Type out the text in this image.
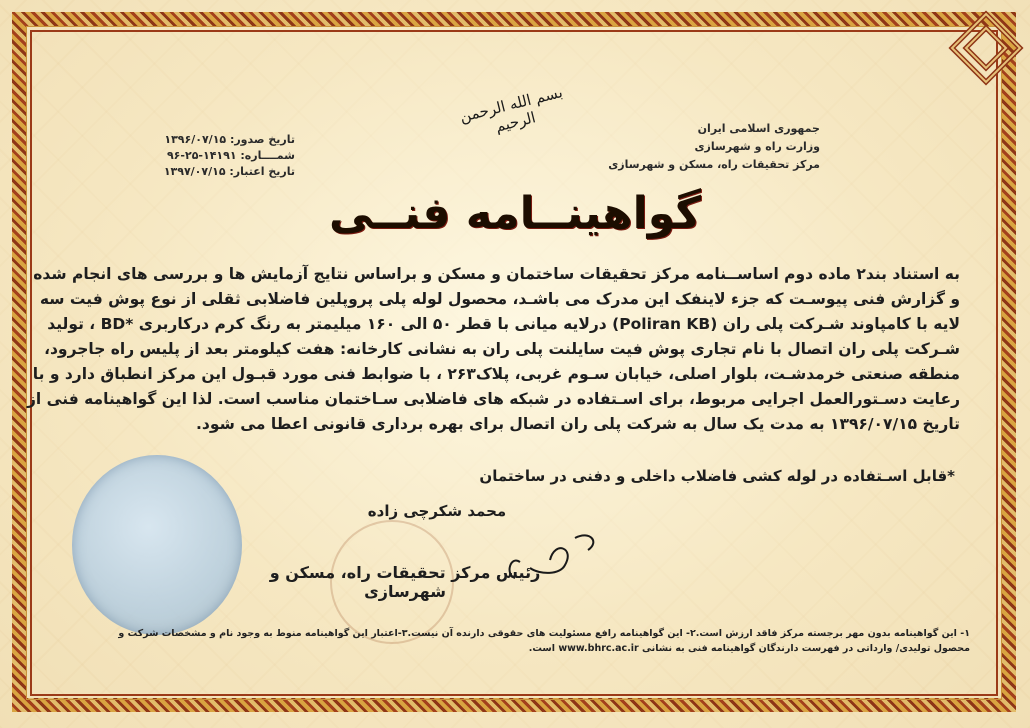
بسم الله الرحمن الرحیم	جمهوری اسلامی ایران
وزارت راه و شهرسازی
مرکز تحقیقات راه، مسکن و شهرسازی
تاریخ صدور: ۱۳۹۶/۰۷/۱۵
شمــــاره: ۱۴۱۹۱-۲۵-۹۶
تاریخ اعتبار: ۱۳۹۷/۰۷/۱۵
گواهینــامه فنــی
به استناد بند۲ ماده دوم اساســنامه مرکز تحقیقات ساختمان و مسکن و براساس نتایج آزمایش ها و بررسی های انجام شده
و گزارش فنی پیوسـت که جزء لاینفک این مدرک می باشـد، محصول لوله پلی پروپلین فاضلابی ثقلی از نوع پوش فیت سه
لایه با کامپاوند شـرکت پلی ران (Poliran KB) درلایه میانی با قطر ۵۰ الی ۱۶۰ میلیمتر به رنگ کرم درکاربری *BD ، تولید
شـرکت پلی ران اتصال با نام تجاری پوش فیت سایلنت پلی ران به نشانی کارخانه: هفت کیلومتر بعد از پلیس راه جاجرود،
منطقه صنعتی خرمدشـت، بلوار اصلی، خیابان سـوم غربی، پلاک۲۶۳ ، با ضوابط فنی مورد قبـول این مرکز انطباق دارد و با
رعایت دسـتورالعمل اجرایی مربوط، برای اسـتفاده در شبکه های فاضلابی سـاختمان مناسب است. لذا این گواهینامه فنی از
تاریخ ۱۳۹۶/۰۷/۱۵ به مدت یک سال به شرکت پلی ران اتصال برای بهره برداری قانونی اعطا می شود.
*قابل اسـتفاده در لوله کشی فاضلاب داخلی و دفنی در ساختمان
محمد شکرچی زاده
رئیس مرکز تحقیقات راه، مسکن و شهرسازی
۱- این گواهینامه بدون مهر برجسته مرکز فاقد ارزش است.۲- این گواهینامه رافع مسئولیت های حقوقی دارنده آن نیست.۳-اعتبار این گواهینامه منوط به وجود نام و مشخصات شرکت و
محصول تولیدی/ وارداتی در فهرست دارندگان گواهینامه فنی به نشانی www.bhrc.ac.ir است.
